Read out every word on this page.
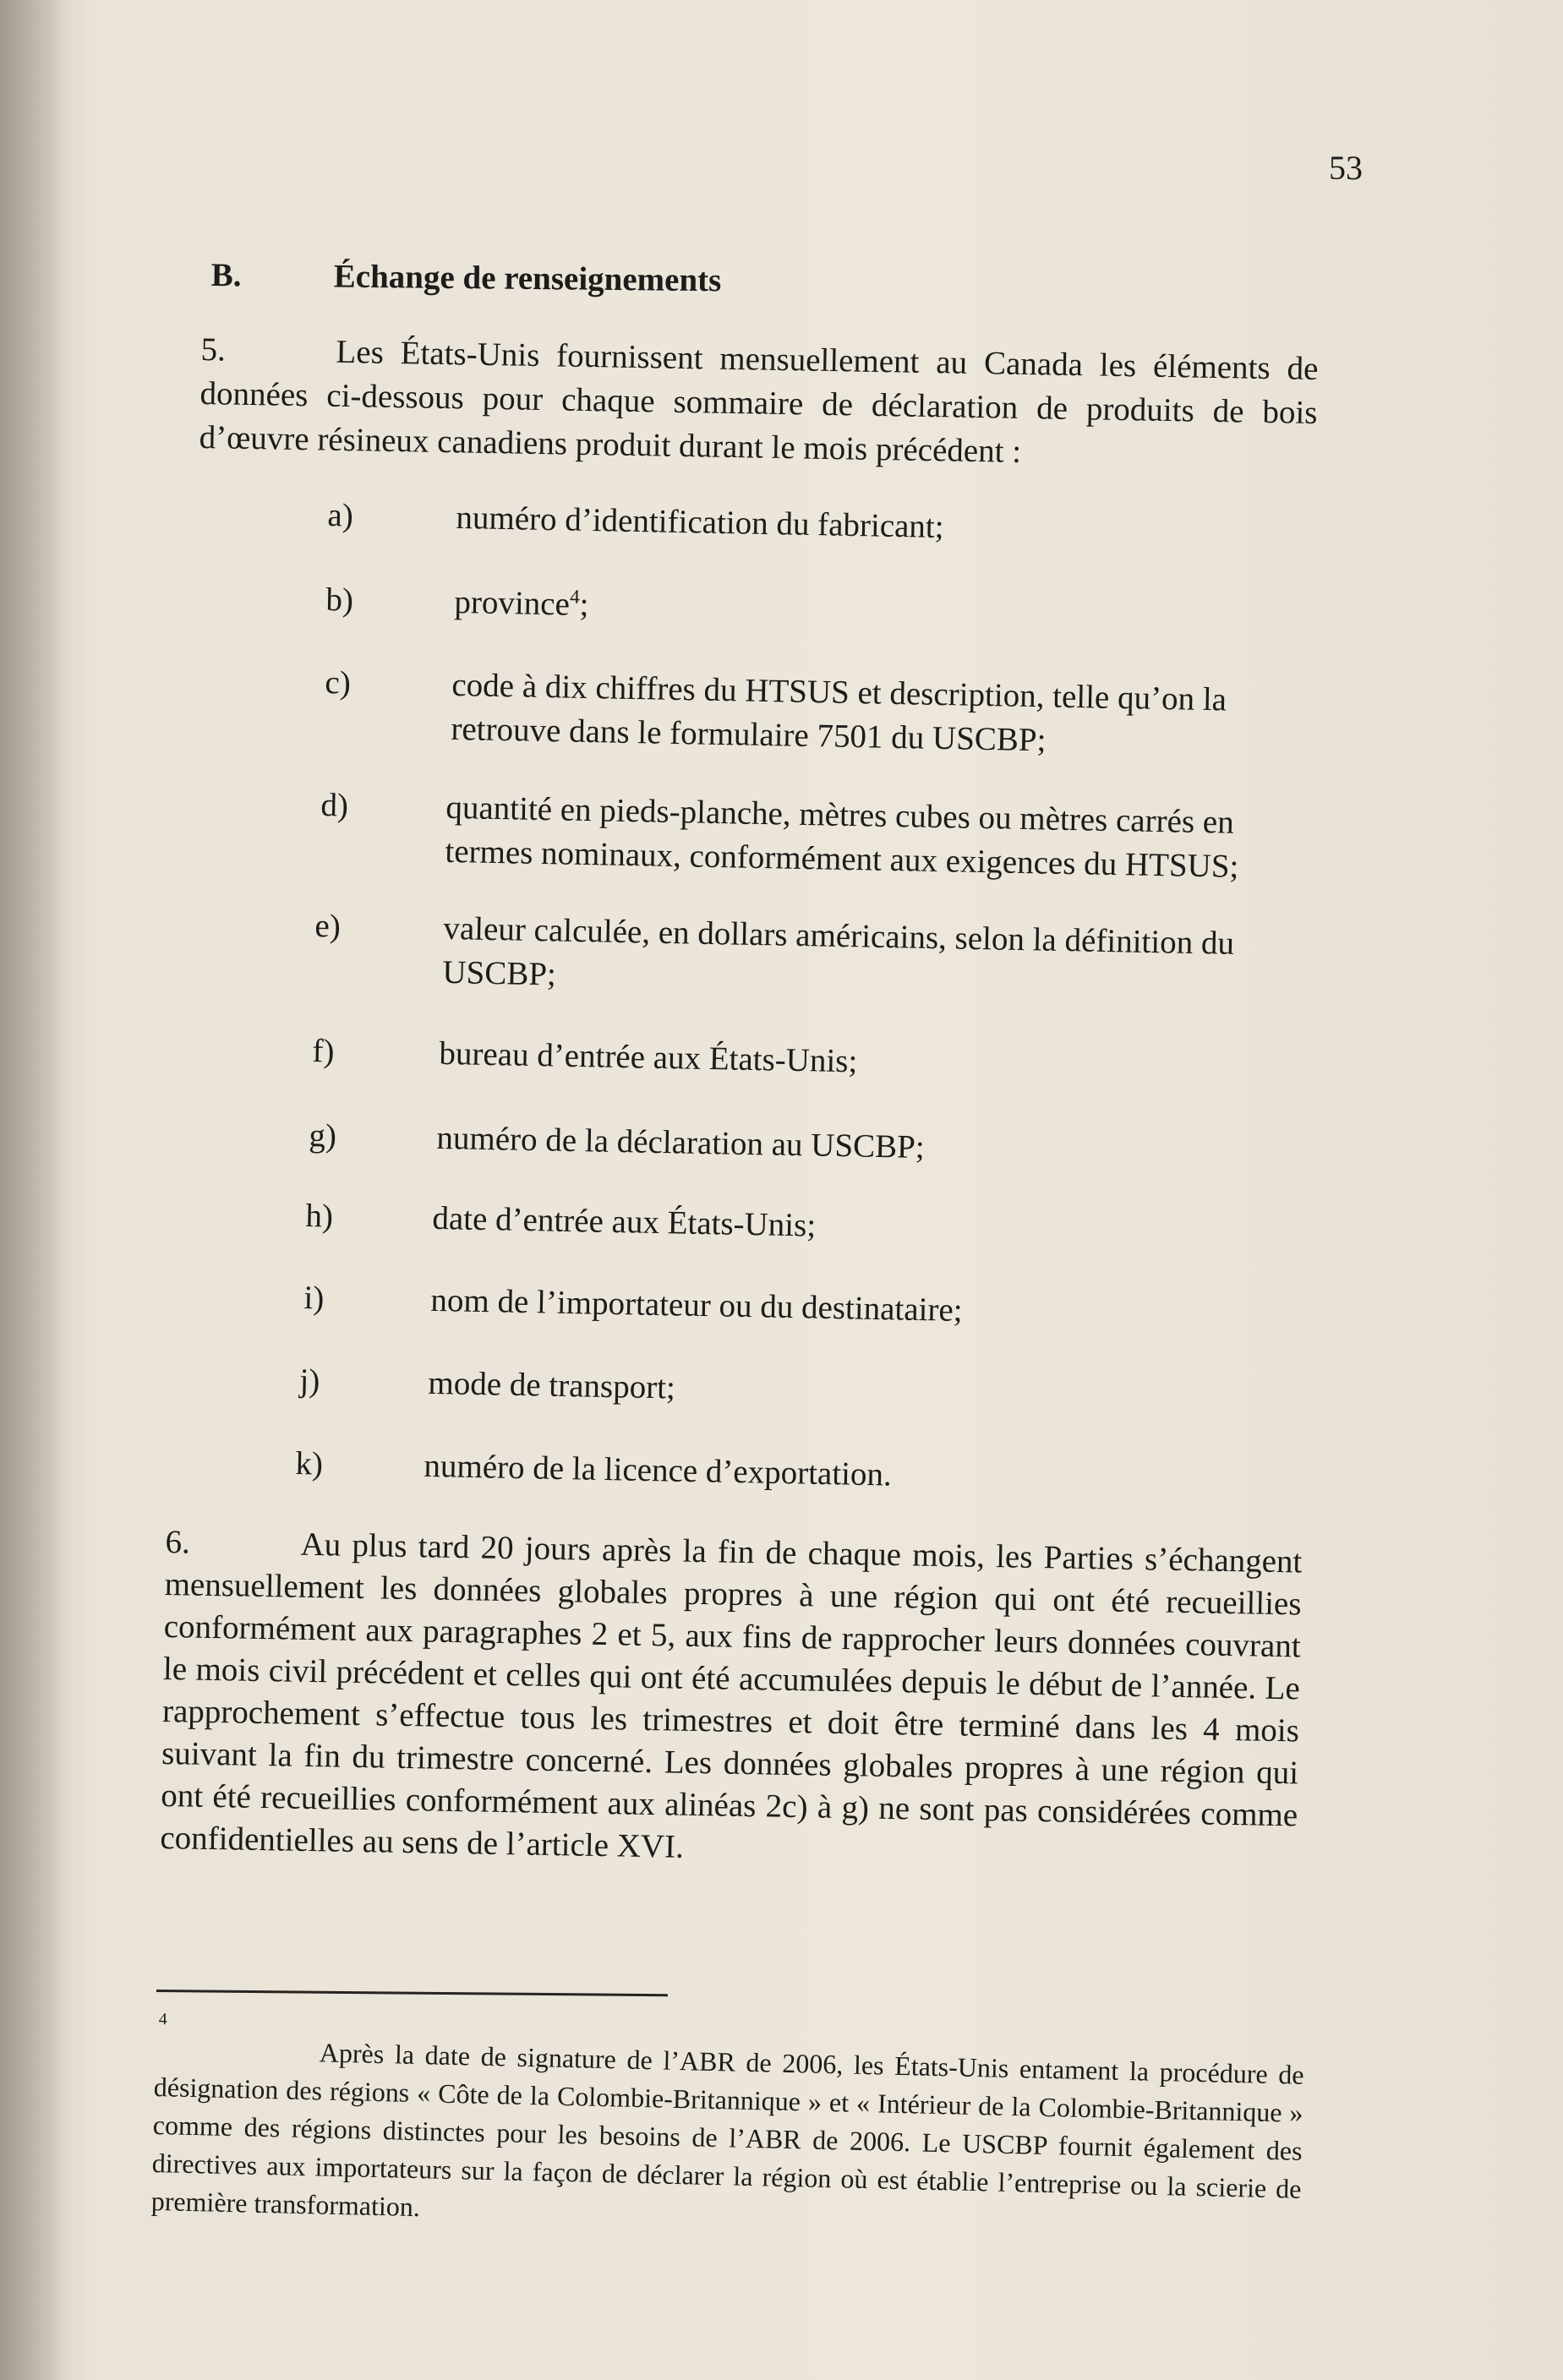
53
B.	Échange de renseignements

5.	Les États-Unis fournissent mensuellement au Canada les éléments de données ci-dessous pour chaque sommaire de déclaration de produits de bois d’œuvre résineux canadiens produit durant le mois précédent :

a)	numéro d’identification du fabricant;
b)	province$^4$;
c)	code à dix chiffres du HTSUS et description, telle qu’on la retrouve dans le formulaire 7501 du USCBP;
d)	quantité en pieds-planche, mètres cubes ou mètres carrés en termes nominaux, conformément aux exigences du HTSUS;
e)	valeur calculée, en dollars américains, selon la définition du USCBP;
f)	bureau d’entrée aux États-Unis;
g)	numéro de la déclaration au USCBP;
h)	date d’entrée aux États-Unis;
i)	nom de l’importateur ou du destinataire;
j)	mode de transport;
k)	numéro de la licence d’exportation.

6.	Au plus tard 20 jours après la fin de chaque mois, les Parties s’échangent mensuellement les données globales propres à une région qui ont été recueillies conformément aux paragraphes 2 et 5, aux fins de rapprocher leurs données couvrant le mois civil précédent et celles qui ont été accumulées depuis le début de l’année. Le rapprochement s’effectue tous les trimestres et doit être terminé dans les 4 mois suivant la fin du trimestre concerné. Les données globales propres à une région qui ont été recueillies conformément aux alinéas 2c) à g) ne sont pas considérées comme confidentielles au sens de l’article XVI.

4

Après la date de signature de l’ABR de 2006, les États-Unis entament la procédure de désignation des régions « Côte de la Colombie-Britannique » et « Intérieur de la Colombie-Britannique » comme des régions distinctes pour les besoins de l’ABR de 2006. Le USCBP fournit également des directives aux importateurs sur la façon de déclarer la région où est établie l’entreprise ou la scierie de première transformation.
